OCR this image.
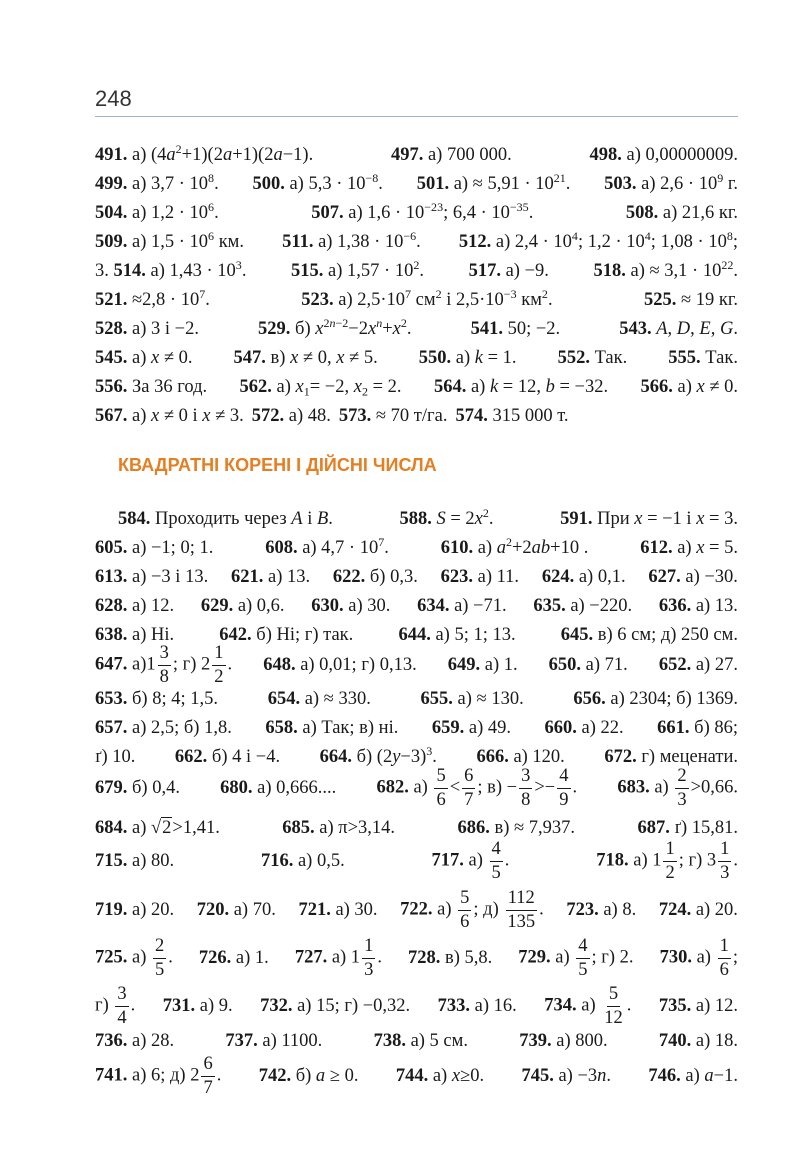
248
491. а) $(4a^2+1)(2a+1)(2a-1)$.	497. а) 700 000.	498. а) 0,00000009.
499. а) $3,7 \cdot 10^8$. 500. а) $5,3 \cdot 10^{-8}$. 501. $а) \approx 5,91 \cdot 10^{21}$. 503. а) $2,6 \cdot 10^9$ г.
504. а) $1,2 \cdot 10^6$.	507. а) $1,6 \cdot 10^{-23}$; $6,4 \cdot 10^{-35}$.	508. а) 21,6 кг.
509. а) $1,5 \cdot 10^6$ км. 511. а) $1,38 \cdot 10^{-6}$. 512. а) $2,4 \cdot 10^4$; $1,2 \cdot 10^4$; $1,08 \cdot 10^8$;
3. 514. а) $1,43 \cdot 10^3$. 515. а) $1,57 \cdot 10^2$. 517. а) −9. 518. $а) \approx 3,1 \cdot 10^{22}$.
521. $\approx 2,8 \cdot 10^7$.	523. а) $2,5\cdot 10^7$ $см^2$ і $2,5\cdot 10^{-3}$ $км^2$.	525. ≈ 19 кг.
528. а) 3 і −2.	529. б) $x^{2n-2}-2x^n+x^2$.	541. 50; −2.	543. A, D, E, G.
545. а) x ≠ 0. 547. в) x ≠ 0, x ≠ 5. 550. а) k = 1. 552. Так. 555. Так.
556. За 36 год. 562. а) $x_1= -2$, $x_2 = 2$. 564. а) k = 12, b = −32. 566. а) x ≠ 0.
567. а) x ≠ 0 і x ≠ 3. 572. а) 48. 573. ≈ 70 т/га. 574. 315 000 т.
КВАДРАТНІ КОРЕНІ І ДІЙСНІ ЧИСЛА
584. Проходить через A і B.	588. $S = 2x^2$.	591. При x = −1 і x = 3.
605. а) −1; 0; 1.	608. а) $4,7 \cdot 10^7$.	610. а) $a^2+2ab+10$ .	612. а) x = 5.
613. а) −3 і 13. 621. а) 13. 622. б) 0,3. 623. а) 11. 624. а) 0,1. 627. а) −30.
628. а) 12. 629. а) 0,6. 630. а) 30. 634. а) −71. 635. а) −220. 636. а) 13.
638. а) Ні. 642. б) Ні; г) так. 644. а) 5; 1; 13. 645. в) 6 см; д) 250 см.
647. $а)1 \frac{3}{8}$ ; г) $2 \frac{1}{2}$ . 648. а) 0,01; г) 0,13. 649. а) 1. 650. а) 71. 652. а) 27.
653. б) 8; 4; 1,5.	654. а) ≈ 330.	655. а) ≈ 130.	656. а) 2304; б) 1369.
657. а) 2,5; б) 1,8. 658. а) Так; в) ні. 659. а) 49. 660. а) 22. 661. б) 86;
ґ) 10. 662. б) 4 і −4. 664. б) $(2y-3)^3$. 666. а) 120. 672. г) меценати.
679. б) 0,4. 680. а) 0,666.... 682. $а) \frac{5}{6} < \frac{6}{7}$ ; $в) - \frac{3}{8} >- \frac{4}{9}$ . 683. $а) \frac{2}{3} >0,66$.
684. а) √2>1,41.	685. а) π>3,14.	686. в) ≈ 7,937.	687. ґ) 15,81.
715. а) 80.	716. а) 0,5.	717. $а) \frac{4}{5}$ .	718. а) $1 \frac{1}{2}$ ; г) $3 \frac{1}{3}$ .
719. а) 20. 720. а) 70. 721. а) 30. 722. $а) \frac{5}{6}$ ; $д) \frac{112}{135}$ . 723. а) 8. 724. а) 20.
725. $а) \frac{2}{5}$ . 726. а) 1. 727. а) $1 \frac{1}{3}$ . 728. в) 5,8. 729. $а) \frac{4}{5}$ ; г) 2. 730. $а) \frac{1}{6}$ ;
$г) \frac{3}{4}$ . 731. а) 9. 732. а) 15; г) −0,32. 733. а) 16. 734. $а) \frac{5}{12}$ . 735. а) 12.
736. а) 28.	737. а) 1100.	738. а) 5 см.	739. а) 800.	740. а) 18.
741. а) 6; д) $2 \frac{6}{7}$ . 742. б) a ≥ 0. 744. а) x≥0. 745. а) −3n. 746. а) a−1.
